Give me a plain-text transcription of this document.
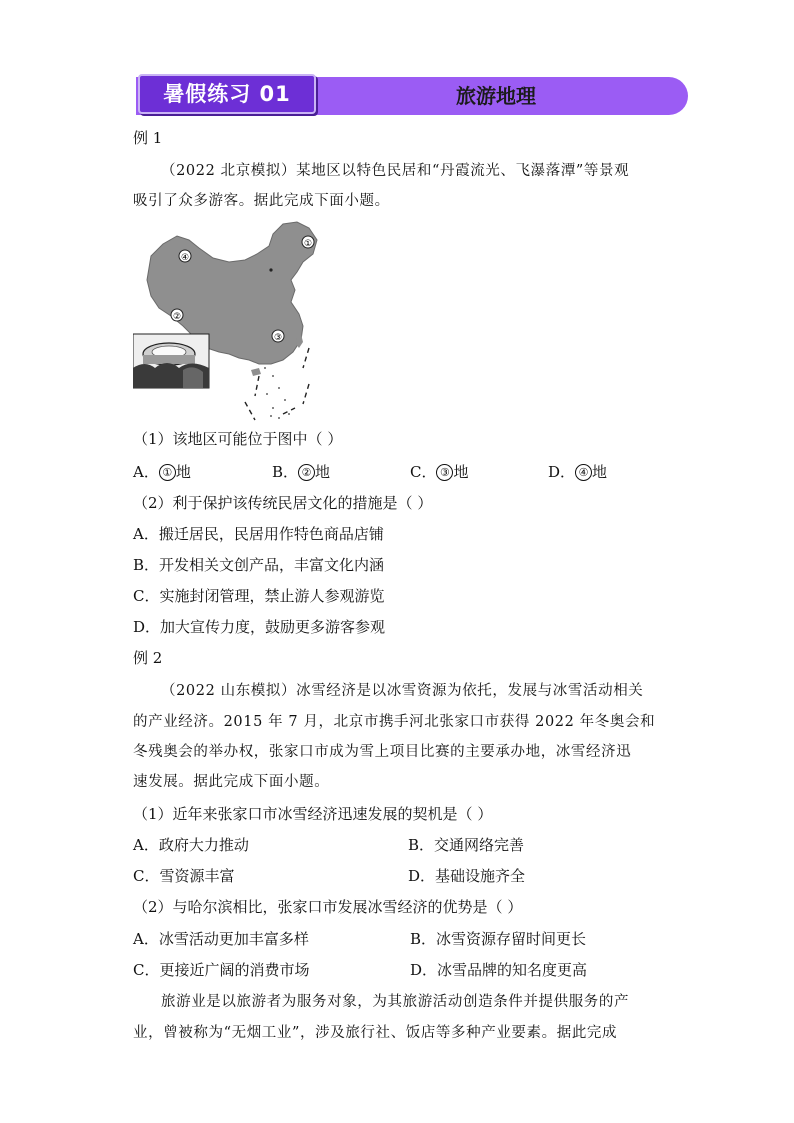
暑假练习 01	旅游地理
例 1
（2022 北京模拟）某地区以特色民居和“丹霞流光、飞瀑落潭”等景观
吸引了众多游客。据此完成下面小题。
①
②
③
④
（1）该地区可能位于图中（ ）
A． ① 地	B． ② 地	C． ③ 地	D． ④ 地
（2）利于保护该传统民居文化的措施是（ ）
A．搬迁居民，民居用作特色商品店铺
B．开发相关文创产品，丰富文化内涵
C．实施封闭管理，禁止游人参观游览
D．加大宣传力度，鼓励更多游客参观
例 2
（2022 山东模拟）冰雪经济是以冰雪资源为依托，发展与冰雪活动相关
的产业经济。2015 年 7 月，北京市携手河北张家口市获得 2022 年冬奥会和
冬残奥会的举办权，张家口市成为雪上项目比赛的主要承办地，冰雪经济迅
速发展。据此完成下面小题。
（1）近年来张家口市冰雪经济迅速发展的契机是（ ）
A．政府大力推动	B．交通网络完善
C．雪资源丰富	D．基础设施齐全
（2）与哈尔滨相比，张家口市发展冰雪经济的优势是（ ）
A．冰雪活动更加丰富多样	B．冰雪资源存留时间更长
C．更接近广阔的消费市场	D．冰雪品牌的知名度更高
旅游业是以旅游者为服务对象，为其旅游活动创造条件并提供服务的产
业，曾被称为“无烟工业”，涉及旅行社、饭店等多种产业要素。据此完成
